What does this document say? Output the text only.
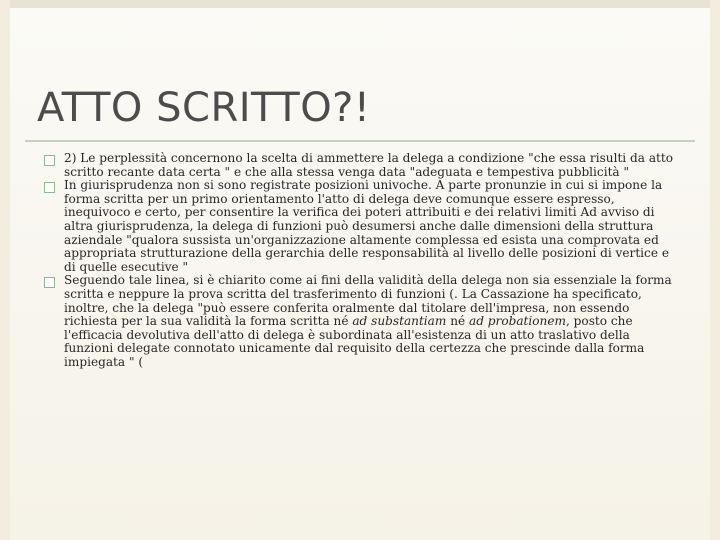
ATTO SCRITTO?!

2) Le perplessità concernono la scelta di ammettere la delega a condizione "che essa risulti da atto scritto recante data certa " e che alla stessa venga data "adeguata e tempestiva pubblicità "

In giurisprudenza non si sono registrate posizioni univoche. A parte pronunzie in cui si impone la forma scritta per un primo orientamento l'atto di delega deve comunque essere espresso, inequivoco e certo, per consentire la verifica dei poteri attribuiti e dei relativi limiti Ad avviso di altra giurisprudenza, la delega di funzioni può desumersi anche dalle dimensioni della struttura aziendale "qualora sussista un'organizzazione altamente complessa ed esista una comprovata ed appropriata strutturazione della gerarchia delle responsabilità al livello delle posizioni di vertice e di quelle esecutive "

Seguendo tale linea, si è chiarito come ai fini della validità della delega non sia essenziale la forma scritta e neppure la prova scritta del trasferimento di funzioni (. La Cassazione ha specificato, inoltre, che la delega "può essere conferita oralmente dal titolare dell'impresa, non essendo richiesta per la sua validità la forma scritta né ad substantiam né ad probationem, posto che l'efficacia devolutiva dell'atto di delega è subordinata all'esistenza di un atto traslativo della funzioni delegate connotato unicamente dal requisito della certezza che prescinde dalla forma impiegata " (
